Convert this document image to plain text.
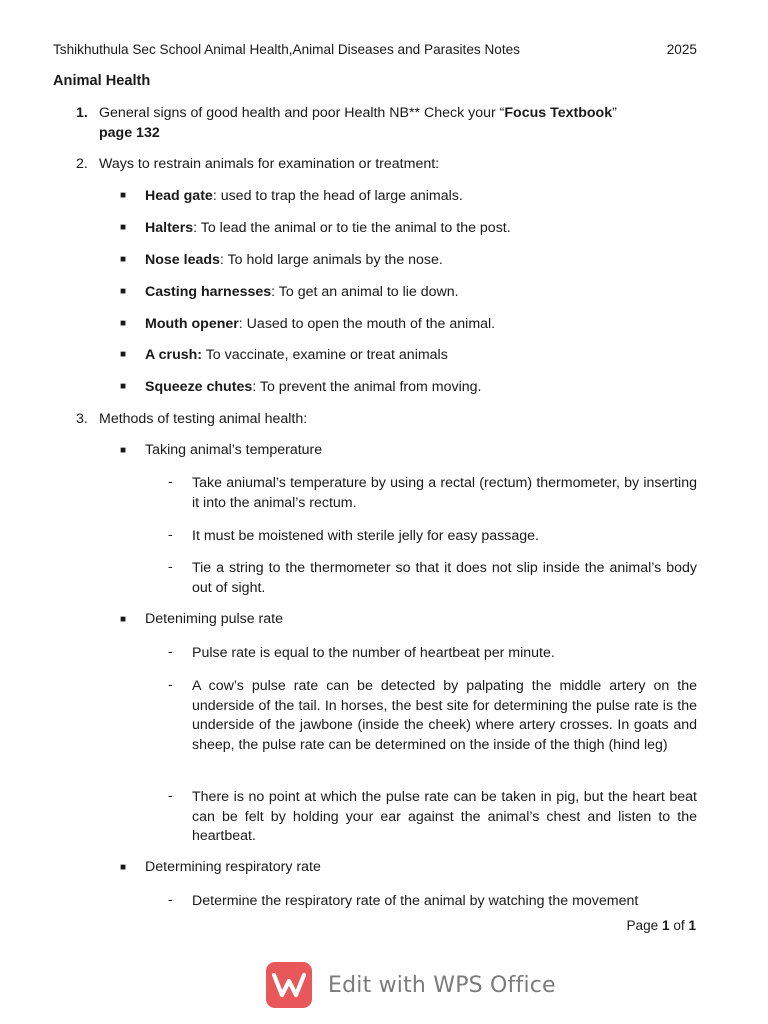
Tshikhuthula Sec School Animal Health,Animal Diseases and Parasites Notes	2025
Animal Health
1. General signs of good health and poor Health NB** Check your “Focus Textbook”
page 132
2. Ways to restrain animals for examination or treatment:
■ Head gate: used to trap the head of large animals.
■ Halters: To lead the animal or to tie the animal to the post.
■ Nose leads: To hold large animals by the nose.
■ Casting harnesses: To get an animal to lie down.
■ Mouth opener: Uased to open the mouth of the animal.
■ A crush: To vaccinate, examine or treat animals
■ Squeeze chutes: To prevent the animal from moving.
3. Methods of testing animal health:
■ Taking animal’s temperature
- Take aniumal’s temperature by using a rectal (rectum) thermometer, by inserting it into the animal’s rectum.
- It must be moistened with sterile jelly for easy passage.
- Tie a string to the thermometer so that it does not slip inside the animal’s body out of sight.
■ Deteniming pulse rate
- Pulse rate is equal to the number of heartbeat per minute.
- A cow’s pulse rate can be detected by palpating the middle artery on the underside of the tail. In horses, the best site for determining the pulse rate is the underside of the jawbone (inside the cheek) where artery crosses. In goats and sheep, the pulse rate can be determined on the inside of the thigh (hind leg)
- There is no point at which the pulse rate can be taken in pig, but the heart beat can be felt by holding your ear against the animal’s chest and listen to the heartbeat.
■ Determining respiratory rate
- Determine the respiratory rate of the animal by watching the movement
Page 1 of 1
Edit with WPS Office
